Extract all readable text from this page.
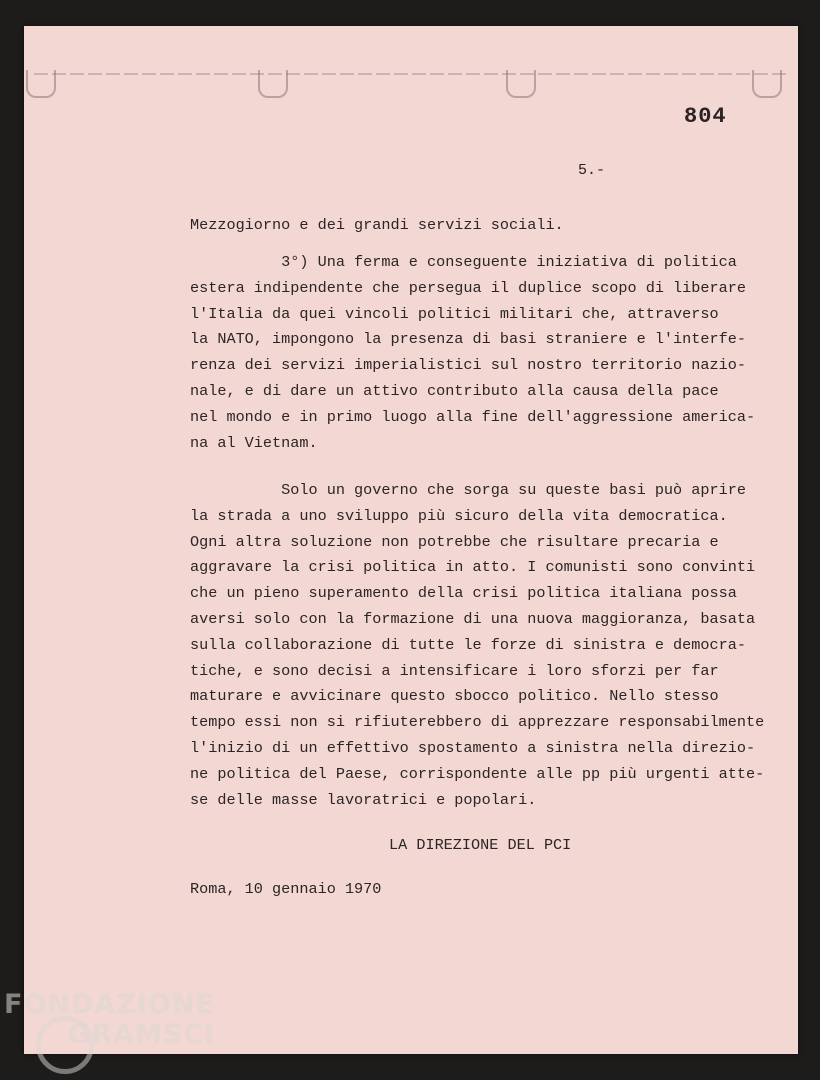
804
5.-
Mezzogiorno e dei grandi servizi sociali.
3°) Una ferma e conseguente iniziativa di politica
estera indipendente che persegua il duplice scopo di liberare
l'Italia da quei vincoli politici militari che, attraverso
la NATO, impongono la presenza di basi straniere e l'interfe-
renza dei servizi imperialistici sul nostro territorio nazio-
nale, e di dare un attivo contributo alla causa della pace
nel mondo e in primo luogo alla fine dell'aggressione america-
na al Vietnam.
Solo un governo che sorga su queste basi può aprire
la strada a uno sviluppo più sicuro della vita democratica.
Ogni altra soluzione non potrebbe che risultare precaria e
aggravare la crisi politica in atto. I comunisti sono convinti
che un pieno superamento della crisi politica italiana possa
aversi solo con la formazione di una nuova maggioranza, basata
sulla collaborazione di tutte le forze di sinistra e democra-
tiche, e sono decisi a intensificare i loro sforzi per far
maturare e avvicinare questo sbocco politico. Nello stesso
tempo essi non si rifiuterebbero di apprezzare responsabilmente
l'inizio di un effettivo spostamento a sinistra nella direzio-
ne politica del Paese, corrispondente alle pp più urgenti atte-
se delle masse lavoratrici e popolari.
LA DIREZIONE DEL PCI
Roma, 10 gennaio 1970
FONDAZIONE
GRAMSCI
